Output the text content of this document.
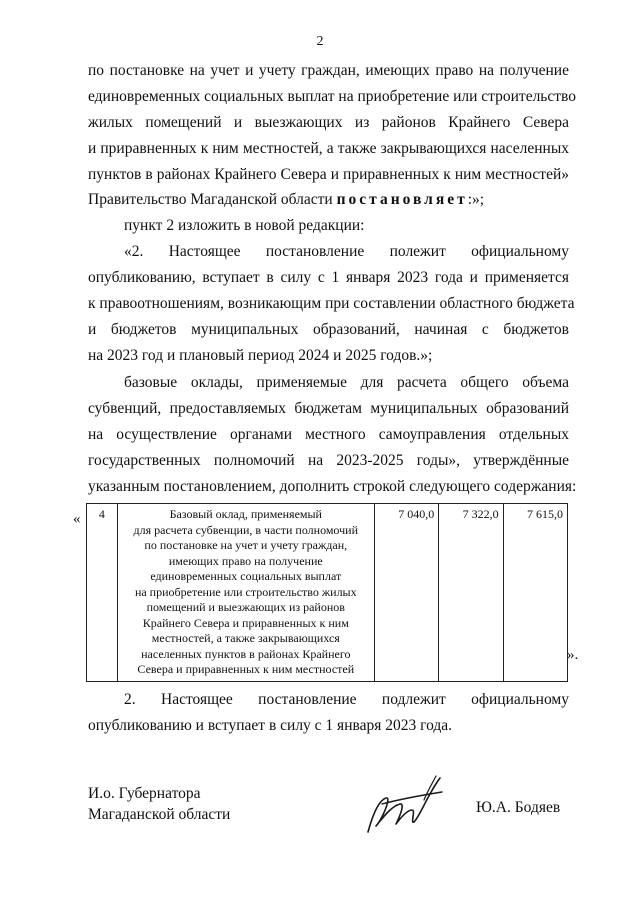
2
по постановке на учет и учету граждан, имеющих право на получение
единовременных социальных выплат на приобретение или строительство
жилых помещений и выезжающих из районов Крайнего Севера
и приравненных к ним местностей, а также закрывающихся населенных
пунктов в районах Крайнего Севера и приравненных к ним местностей»
Правительство Магаданской области постановляет:»;
пункт 2 изложить в новой редакции:
«2. Настоящее постановление полежит официальному
опубликованию, вступает в силу с 1 января 2023 года и применяется
к правоотношениям, возникающим при составлении областного бюджета
и бюджетов муниципальных образований, начиная с бюджетов
на 2023 год и плановый период 2024 и 2025 годов.»;
базовые оклады, применяемые для расчета общего объема
субвенций, предоставляемых бюджетам муниципальных образований
на осуществление органами местного самоуправления отдельных
государственных полномочий на 2023-2025 годы», утверждённые
указанным постановлением, дополнить строкой следующего содержания:
« 4	Базовый оклад, применяемый
для расчета субвенции, в части полномочий
по постановке на учет и учету граждан,
имеющих право на получение
единовременных социальных выплат
на приобретение или строительство жилых
помещений и выезжающих из районов
Крайнего Севера и приравненных к ним
местностей, а также закрывающихся
населенных пунктов в районах Крайнего
Севера и приравненных к ним местностей
	7 040,0	7 322,0	7 615,0
».
2. Настоящее постановление подлежит официальному
опубликованию и вступает в силу с 1 января 2023 года.
И.о. Губернатора
Магаданской области	Ю.А. Бодяев
